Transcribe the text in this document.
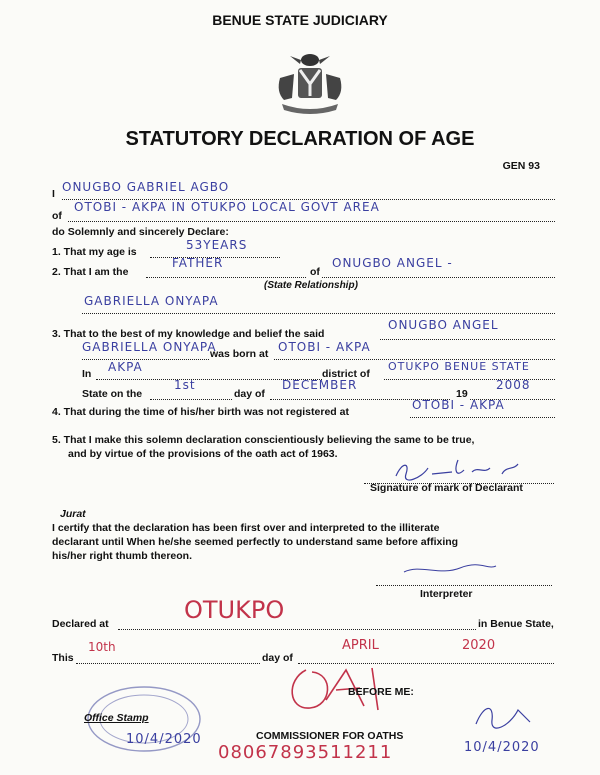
BENUE STATE JUDICIARY
STATUTORY DECLARATION OF AGE
GEN 93
I ONUGBO GABRIEL AGBO
of
OTOBI - AKPA IN OTUKPO LOCAL GOVT AREA
do Solemnly and sincerely Declare:
1. That my age is	53YEARS
2. That I am the
FATHER
of
ONUGBO ANGEL -
(State Relationship)
GABRIELLA ONYAPA
3. That to the best of my knowledge and belief the said
ONUGBO ANGEL
GABRIELLA ONYAPA
was born at OTOBI - AKPA
In AKPA	district of
OTUKPO BENUE STATE
State on the
1st
day of
DECEMBER
19
2008
4. That during the time of his/her birth was not registered at	OTOBI - AKPA
5. That I make this solemn declaration conscientiously believing the same to be true,
and by virtue of the provisions of the oath act of 1963.
Signature of mark of Declarant
Jurat
I certify that the declaration has been first over and interpreted to the illiterate
declarant until When he/she seemed perfectly to understand same before affixing
his/her right thumb thereon.
Interpreter
Declared at	OTUKPO	in Benue State,
This
10th
day of
APRIL	2020
BEFORE ME:
Office Stamp
10/4/2020	COMMISSIONER FOR OATHS
08067893511211	10/4/2020
